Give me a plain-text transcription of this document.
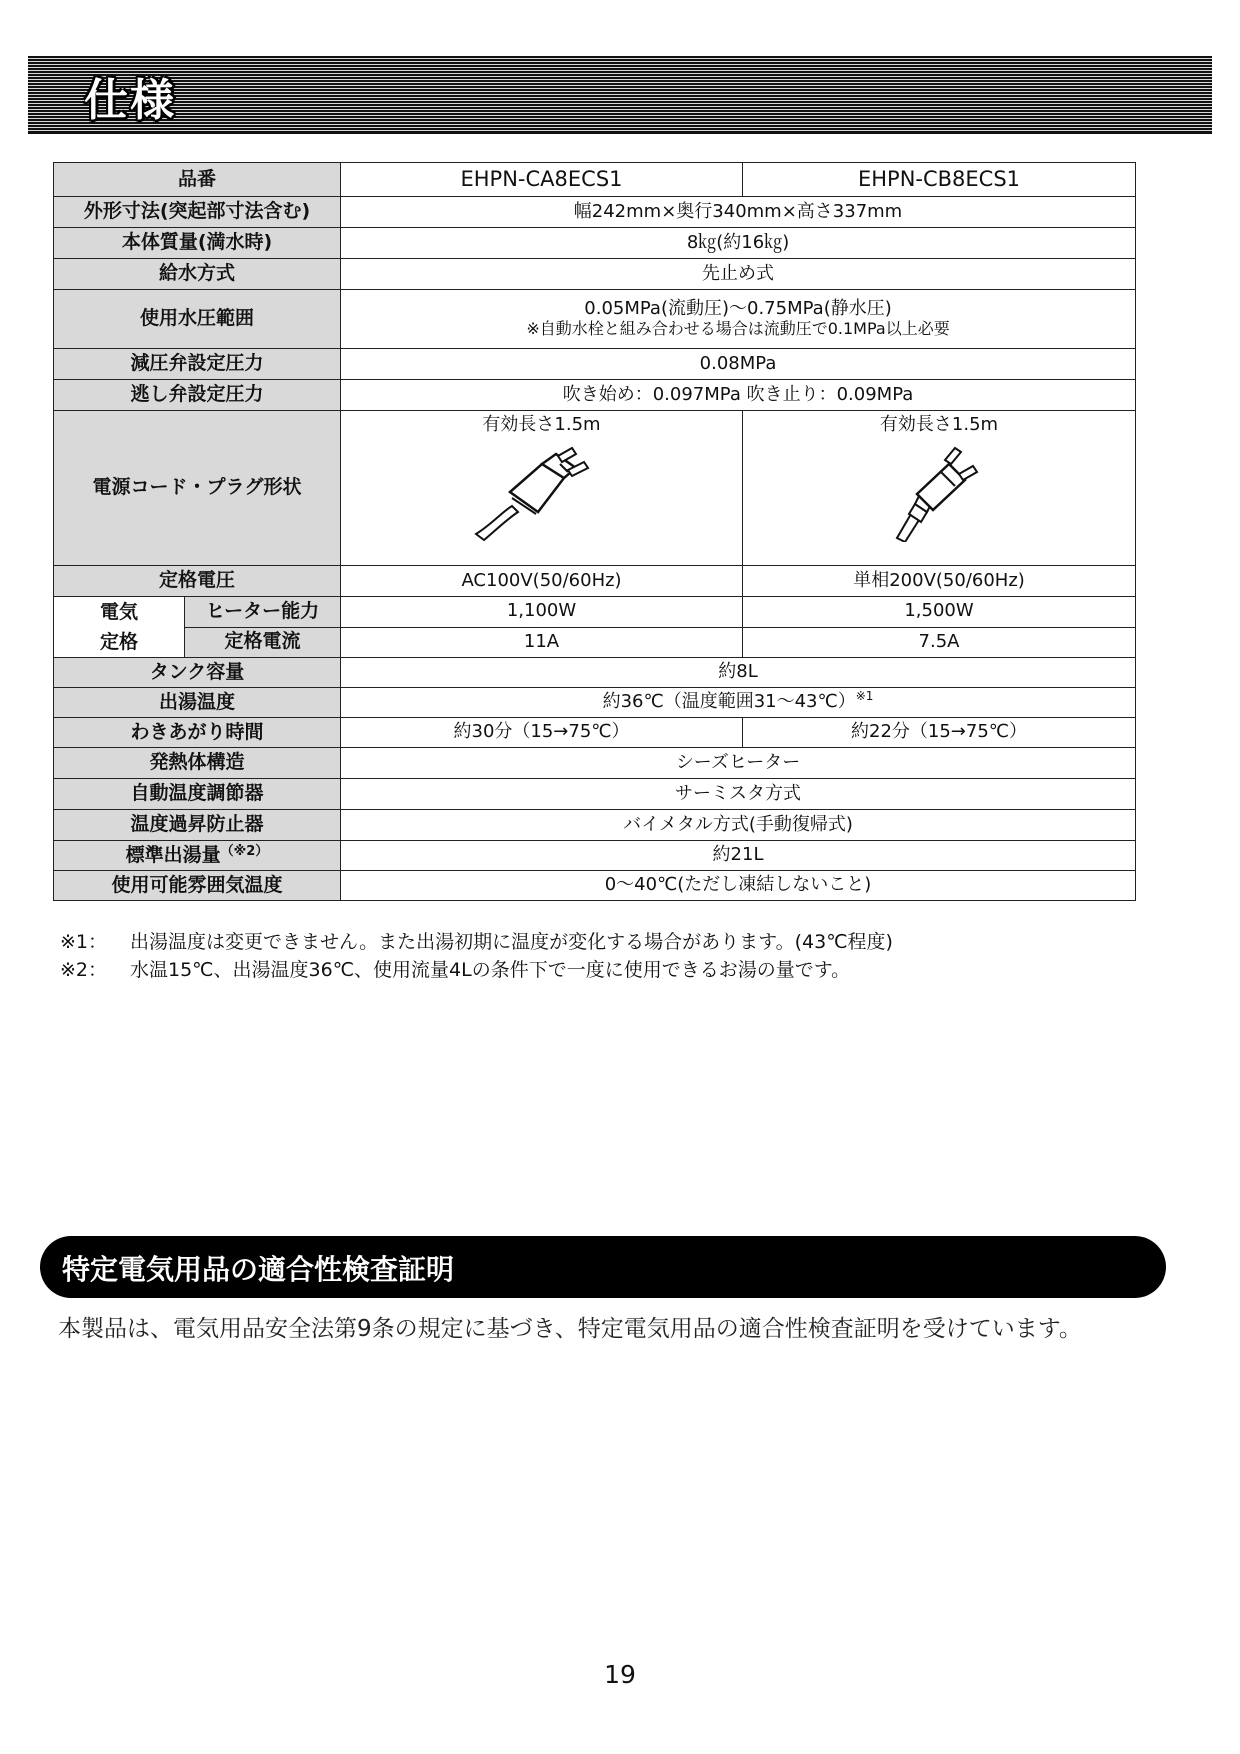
仕様
品番		EHPN-CA8ECS1	EHPN-CB8ECS1
外形寸法(突起部寸法含む)		幅242mm×奥行340mm×高さ337mm	
本体質量(満水時)		8㎏(約16㎏)	
給水方式		先止め式	
使用水圧範囲		0.05MPa(流動圧)〜0.75MPa(静水圧)
※自動水栓と組み合わせる場合は流動圧で0.1MPa以上必要	

減圧弁設定圧力		0.08MPa	
逃し弁設定圧力		吹き始め：0.097MPa 吹き止り：0.09MPa	
電源コード・プラグ形状		有効長さ1.5m	有効長さ1.5m

定格電圧		AC100V(50/60Hz)	単相200V(50/60Hz)

電気
定格	ヒーター能力	1,100W	1,500W
	定格電流	11A	7.5A
タンク容量		約8L	
出湯温度		約36℃（温度範囲31〜43℃）$^{※1}$
わきあがり時間		約30分（15→75℃）	約22分（15→75℃）
発熱体構造		シーズヒーター	
自動温度調節器		サーミスタ方式	
温度過昇防止器		バイメタル方式(手動復帰式)	
標準出湯量$^{(※2)}$		約21L	
使用可能雰囲気温度		0〜40℃(ただし凍結しないこと)	
※1： 出湯温度は変更できません。また出湯初期に温度が変化する場合があります。(43℃程度)
※2： 水温15℃、出湯温度36℃、使用流量4Lの条件下で一度に使用できるお湯の量です。
特定電気用品の適合性検査証明
本製品は、電気用品安全法第9条の規定に基づき、特定電気用品の適合性検査証明を受けています。
19
